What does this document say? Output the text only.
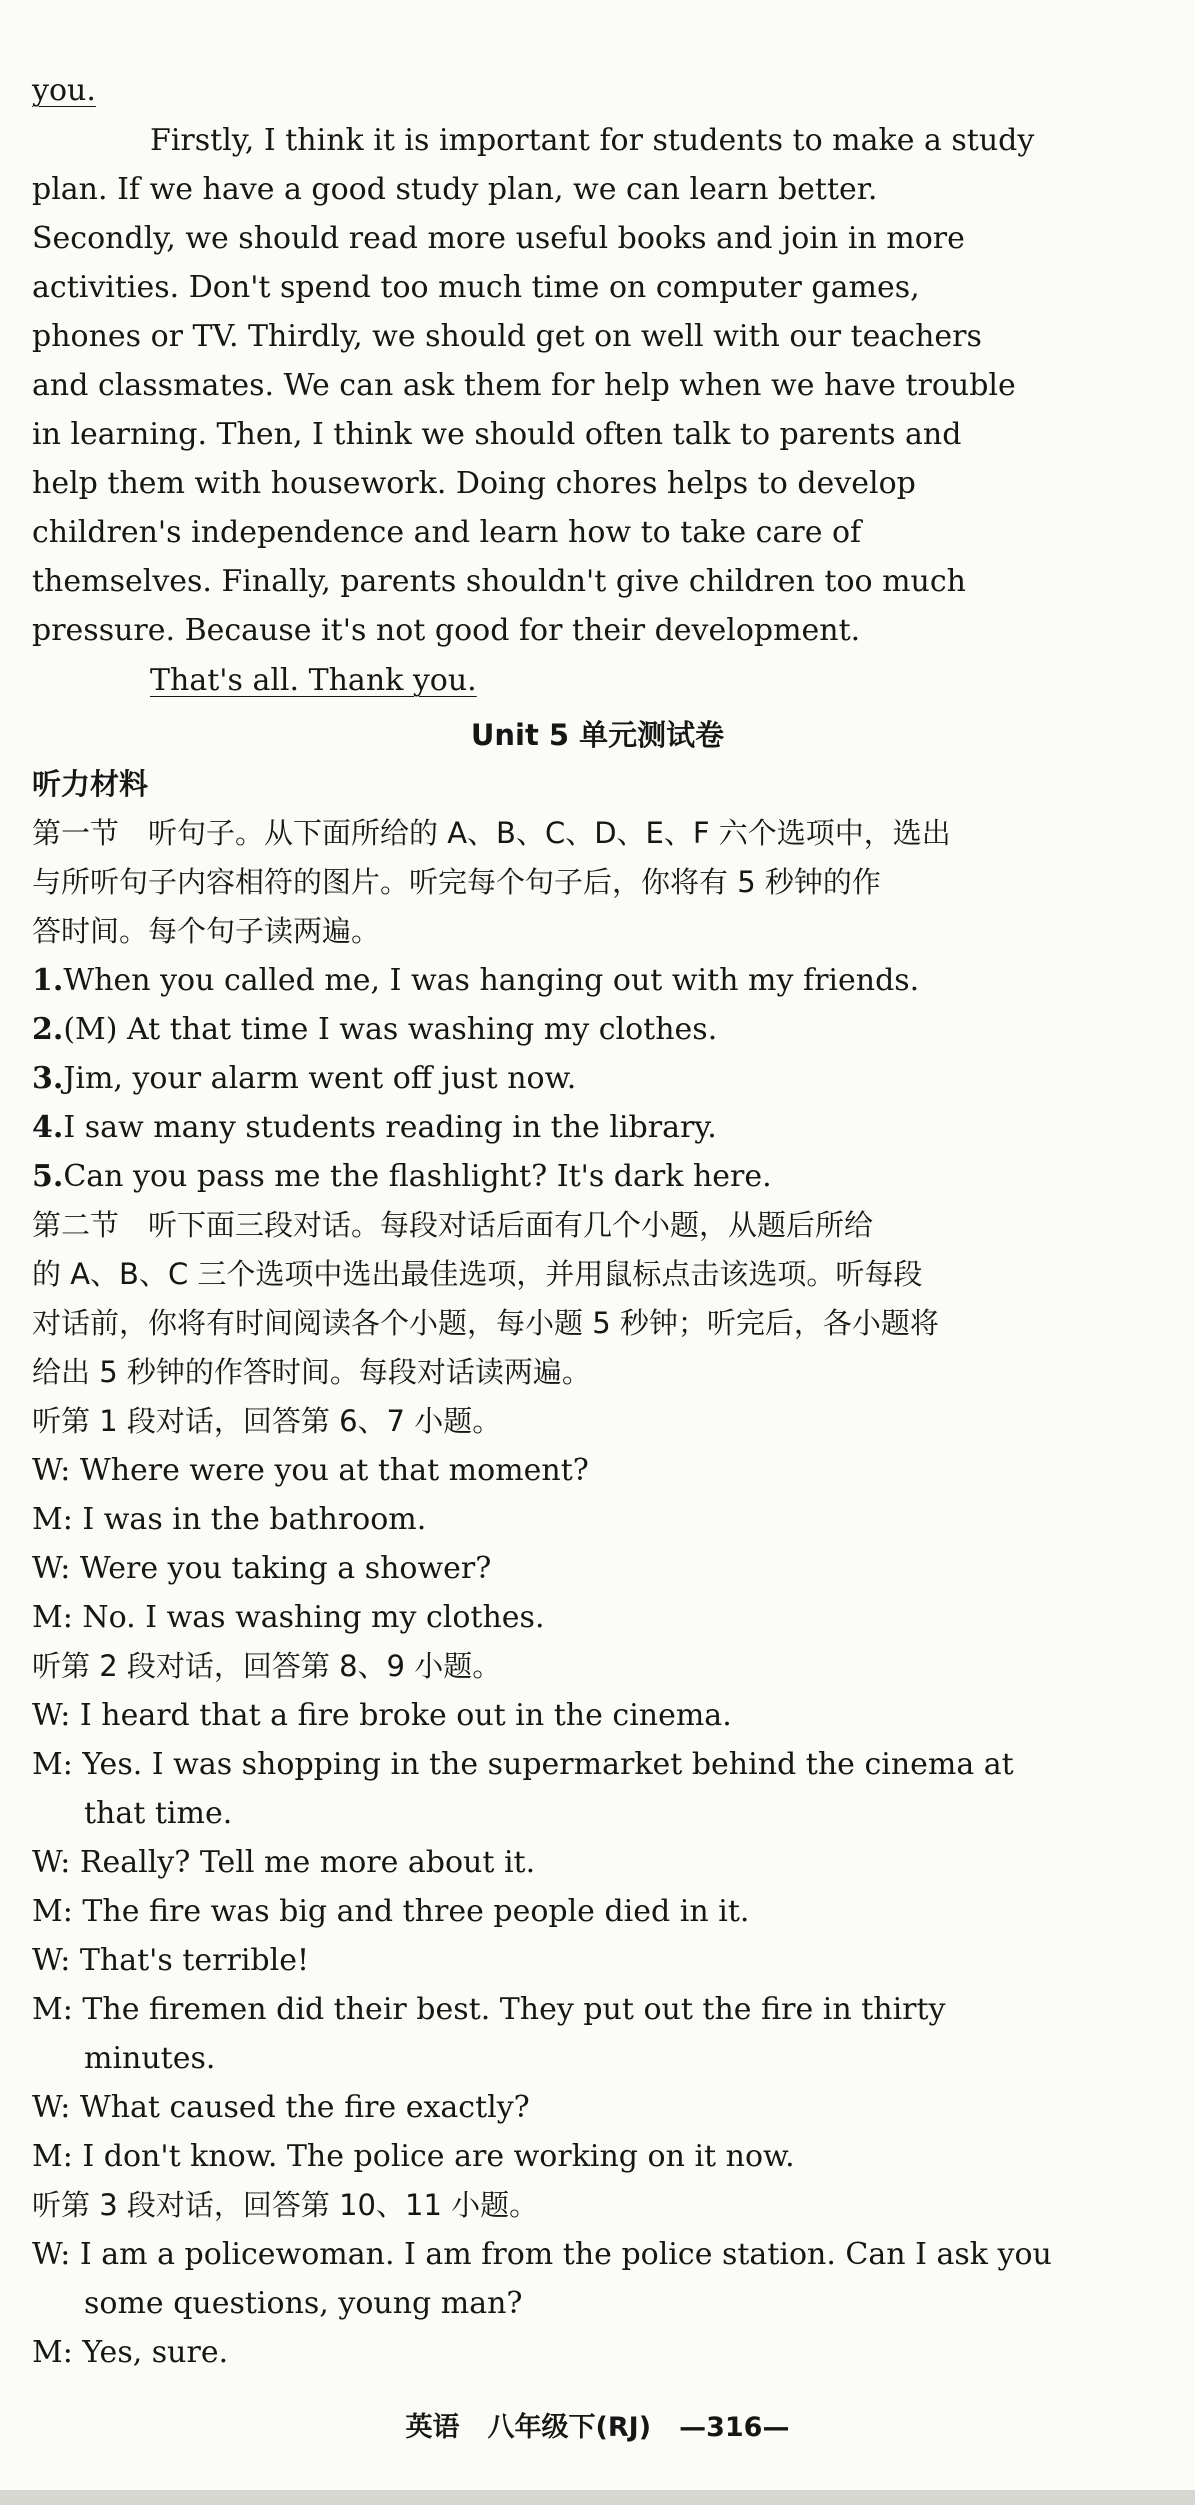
you.
Firstly, I think it is important for students to make a study
plan. If we have a good study plan, we can learn better.
Secondly, we should read more useful books and join in more
activities. Don't spend too much time on computer games,
phones or TV. Thirdly, we should get on well with our teachers
and classmates. We can ask them for help when we have trouble
in learning. Then, I think we should often talk to parents and
help them with housework. Doing chores helps to develop
children's independence and learn how to take care of
themselves. Finally, parents shouldn't give children too much
pressure. Because it's not good for their development.
That's all. Thank you.
Unit 5 单元测试卷
听力材料
第一节　听句子。从下面所给的 A、B、C、D、E、F 六个选项中，选出
与所听句子内容相符的图片。听完每个句子后，你将有 5 秒钟的作
答时间。每个句子读两遍。
1.When you called me, I was hanging out with my friends.
2.(M) At that time I was washing my clothes.
3.Jim, your alarm went off just now.
4.I saw many students reading in the library.
5.Can you pass me the flashlight? It's dark here.
第二节　听下面三段对话。每段对话后面有几个小题，从题后所给
的 A、B、C 三个选项中选出最佳选项，并用鼠标点击该选项。听每段
对话前，你将有时间阅读各个小题，每小题 5 秒钟；听完后，各小题将
给出 5 秒钟的作答时间。每段对话读两遍。
听第 1 段对话，回答第 6、7 小题。
W: Where were you at that moment?
M: I was in the bathroom.
W: Were you taking a shower?
M: No. I was washing my clothes.
听第 2 段对话，回答第 8、9 小题。
W: I heard that a fire broke out in the cinema.
M: Yes. I was shopping in the supermarket behind the cinema at
that time.
W: Really? Tell me more about it.
M: The fire was big and three people died in it.
W: That's terrible!
M: The firemen did their best. They put out the fire in thirty
minutes.
W: What caused the fire exactly?
M: I don't know. The police are working on it now.
听第 3 段对话，回答第 10、11 小题。
W: I am a policewoman. I am from the police station. Can I ask you
some questions, young man?
M: Yes, sure.
英语 八年级下(RJ) —316—
